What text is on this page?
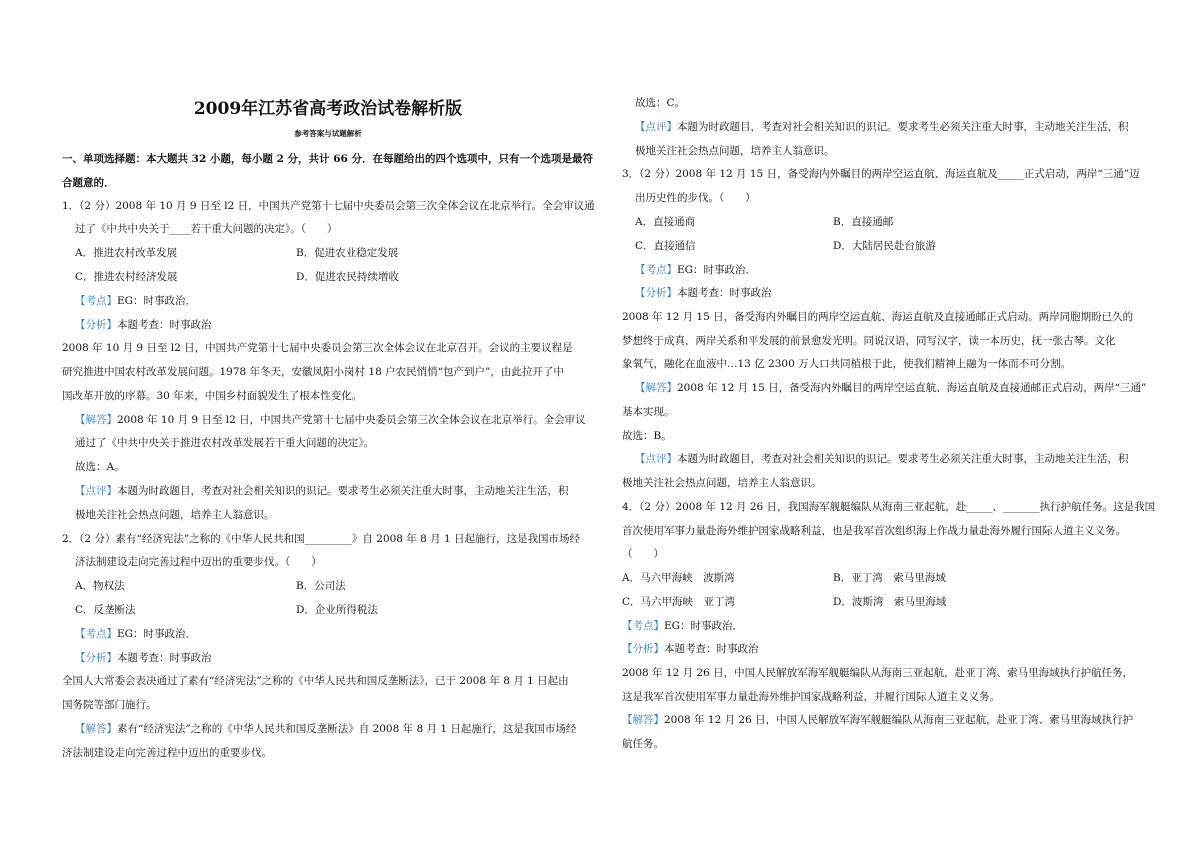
2009年江苏省高考政治试卷解析版
参考答案与试题解析
一、单项选择题：本大题共 32 小题，每小题 2 分，共计 66 分．在每题给出的四个选项中，只有一个选项是最符
合题意的．
1．（2 分）2008 年 10 月 9 日至 l2 日，中国共产党第十七届中央委员会第三次全体会议在北京举行。全会审议通
过了《中共中央关于____若干重大问题的决定》。（　　）
A．推进农村改革发展	B．促进农业稳定发展
C．推进农村经济发展	D．促进农民持续增收
【考点】EG：时事政治．
【分析】本题考查：时事政治
2008 年 10 月 9 日至 l2 日，中国共产党第十七届中央委员会第三次全体会议在北京召开。会议的主要议程是
研究推进中国农村改革发展问题。1978 年冬天，安徽凤阳小岗村 18 户农民悄悄“包产到户”，由此拉开了中
国改革开放的序幕。30 年来，中国乡村面貌发生了根本性变化。
【解答】2008 年 10 月 9 日至 l2 日，中国共产党第十七届中央委员会第三次全体会议在北京举行。全会审议
通过了《中共中央关于推进农村改革发展若干重大问题的决定》。
故选：A。
【点评】本题为时政题目，考查对社会相关知识的识记。要求考生必须关注重大时事，主动地关注生活，积
极地关注社会热点问题，培养主人翁意识。
2．（2 分）素有“经济宪法”之称的《中华人民共和国_________》自 2008 年 8 月 1 日起施行，这是我国市场经
济法制建设走向完善过程中迈出的重要步伐。（　　）
A．物权法	B．公司法
C．反垄断法	D．企业所得税法
【考点】EG：时事政治．
【分析】本题考查：时事政治
全国人大常委会表决通过了素有“经济宪法”之称的《中华人民共和国反垄断法》，已于 2008 年 8 月 1 日起由
国务院等部门施行。
【解答】素有“经济宪法”之称的《中华人民共和国反垄断法》自 2008 年 8 月 1 日起施行，这是我国市场经
济法制建设走向完善过程中迈出的重要步伐。
故选：C。
【点评】本题为时政题目，考查对社会相关知识的识记。要求考生必须关注重大时事，主动地关注生活，积
极地关注社会热点问题，培养主人翁意识。
3．（2 分）2008 年 12 月 15 日，备受海内外瞩目的两岸空运直航、海运直航及_____正式启动，两岸“三通”迈
出历史性的步伐。（　　）
A．直接通商	B．直接通邮
C．直接通信	D．大陆居民赴台旅游
【考点】EG：时事政治．
【分析】本题考查：时事政治
2008 年 12 月 15 日，备受海内外瞩目的两岸空运直航、海运直航及直接通邮正式启动。两岸同胞期盼已久的
梦想终于成真，两岸关系和平发展的前景愈发光明。同说汉语，同写汉字，读一本历史，抚一张古琴。文化
象氧气，融化在血液中…13 亿 2300 万人口共同植根于此，使我们精神上融为一体而不可分割。
【解答】2008 年 12 月 15 日，备受海内外瞩目的两岸空运直航、海运直航及直接通邮正式启动，两岸“三通”
基本实现。
故选：B。
【点评】本题为时政题目，考查对社会相关知识的识记。要求考生必须关注重大时事，主动地关注生活，积
极地关注社会热点问题，培养主人翁意识。
4．（2 分）2008 年 12 月 26 日，我国海军舰艇编队从海南三亚起航，赴_____、_______执行护航任务。这是我国
首次使用军事力量赴海外维护国家战略利益，也是我军首次组织海上作战力量赴海外履行国际人道主义义务。
（　　）
A．马六甲海峡　波斯湾	B．亚丁湾　索马里海域
C．马六甲海峡　亚丁湾	D．波斯湾　索马里海域
【考点】EG：时事政治．
【分析】本题考查：时事政治
2008 年 12 月 26 日，中国人民解放军海军舰艇编队从海南三亚起航，赴亚丁湾、索马里海域执行护航任务，
这是我军首次使用军事力量赴海外维护国家战略利益，并履行国际人道主义义务。
【解答】2008 年 12 月 26 日，中国人民解放军海军舰艇编队从海南三亚起航，赴亚丁湾、索马里海域执行护
航任务。
